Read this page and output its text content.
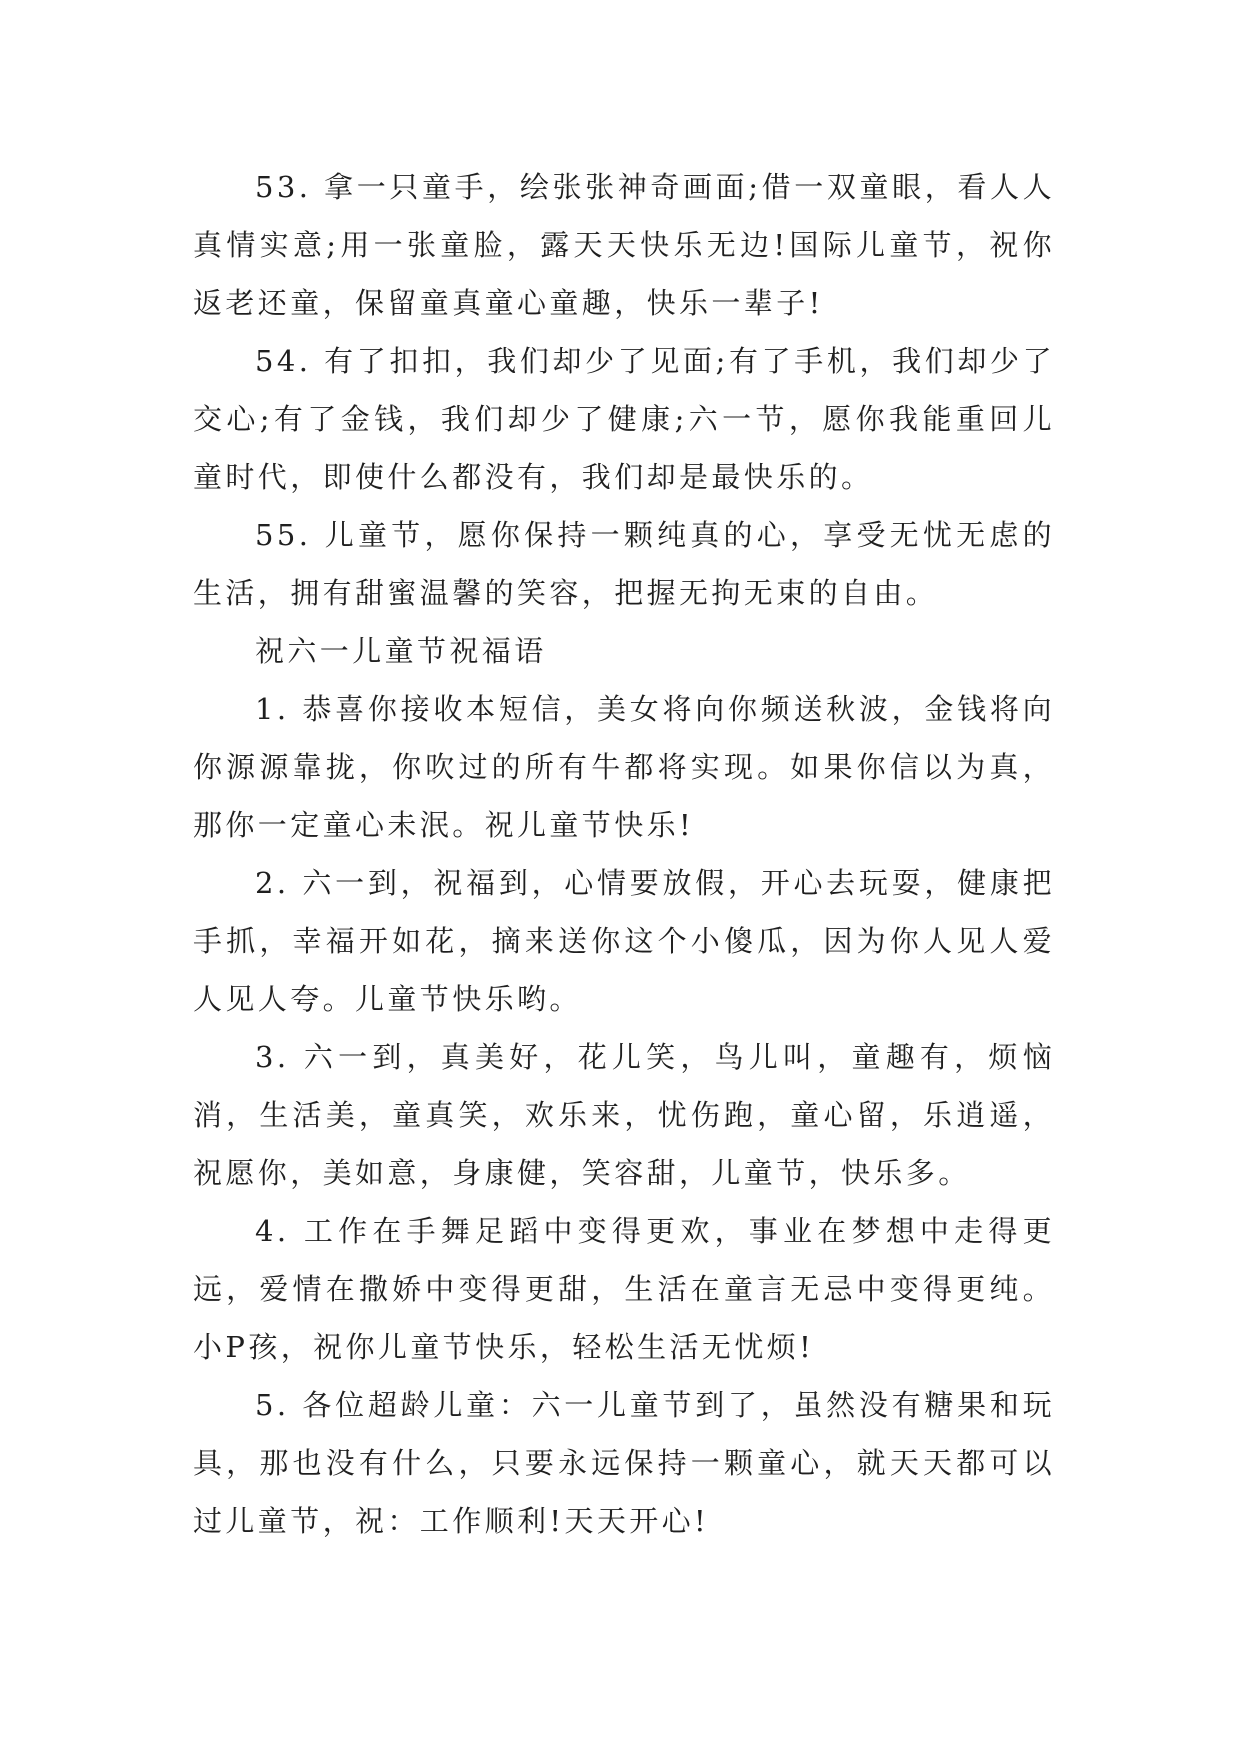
53. 拿一只童手，绘张张神奇画面;借一双童眼，看人人真情实意;用一张童脸，露天天快乐无边!国际儿童节，祝你返老还童，保留童真童心童趣，快乐一辈子!

54. 有了扣扣，我们却少了见面;有了手机，我们却少了交心;有了金钱，我们却少了健康;六一节，愿你我能重回儿童时代，即使什么都没有，我们却是最快乐的。

55. 儿童节，愿你保持一颗纯真的心，享受无忧无虑的生活，拥有甜蜜温馨的笑容，把握无拘无束的自由。

祝六一儿童节祝福语

1. 恭喜你接收本短信，美女将向你频送秋波，金钱将向你源源靠拢，你吹过的所有牛都将实现。如果你信以为真，那你一定童心未泯。祝儿童节快乐!

2. 六一到，祝福到，心情要放假，开心去玩耍，健康把手抓，幸福开如花，摘来送你这个小傻瓜，因为你人见人爱人见人夸。儿童节快乐哟。

3. 六一到，真美好，花儿笑，鸟儿叫，童趣有，烦恼消，生活美，童真笑，欢乐来，忧伤跑，童心留，乐逍遥，祝愿你，美如意，身康健，笑容甜，儿童节，快乐多。

4. 工作在手舞足蹈中变得更欢，事业在梦想中走得更远，爱情在撒娇中变得更甜，生活在童言无忌中变得更纯。小P孩，祝你儿童节快乐，轻松生活无忧烦!

5. 各位超龄儿童：六一儿童节到了，虽然没有糖果和玩具，那也没有什么，只要永远保持一颗童心，就天天都可以过儿童节，祝：工作顺利!天天开心!
